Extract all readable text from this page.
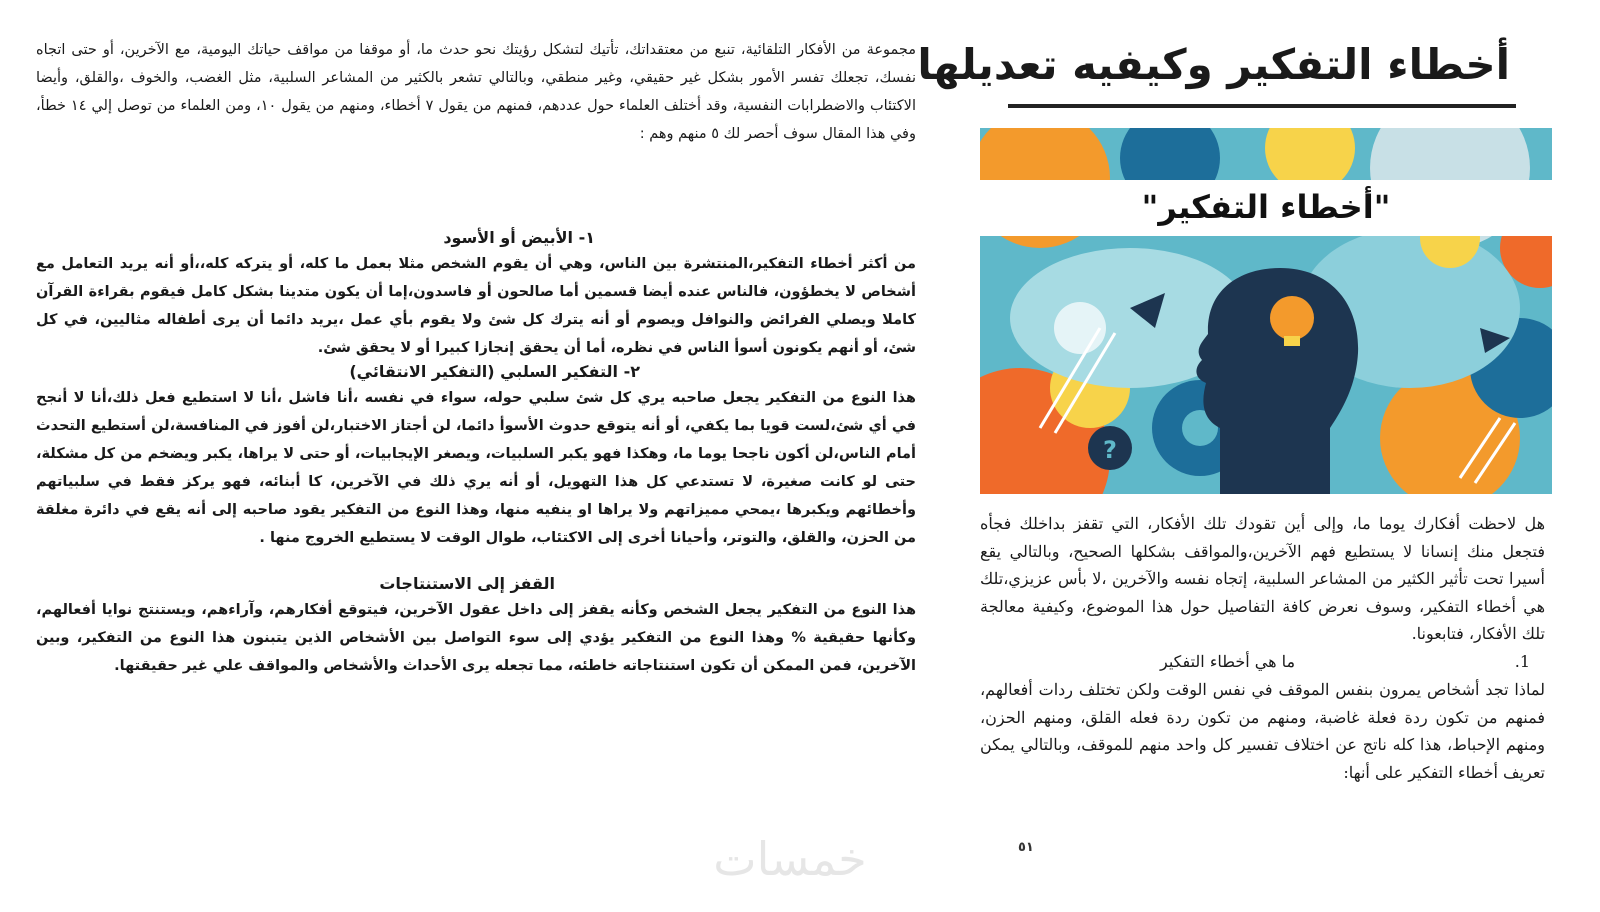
مجموعة من الأفكار التلقائية، تنبع من معتقداتك، تأتيك لتشكل رؤيتك نحو حدث ما، أو موقفا من مواقف حياتك اليومية، مع الآخرين، أو حتى اتجاه نفسك، تجعلك تفسر الأمور بشكل غير حقيقي، وغير منطقي، وبالتالي تشعر بالكثير من المشاعر السلبية، مثل الغضب، والخوف ،والقلق، وأيضا الاكتئاب والاضطرابات النفسية، وقد أختلف العلماء حول عددهم، فمنهم من يقول ٧ أخطاء، ومنهم من يقول ١٠، ومن العلماء من توصل إلي ١٤ خطأ، وفي هذا المقال سوف أحصر لك ٥ منهم وهم :

١- الأبيض أو الأسود

من أكثر أخطاء التفكير،المنتشرة بين الناس، وهي أن يقوم الشخص مثلا بعمل ما كله، أو يتركه كله،،أو أنه يريد التعامل مع أشخاص لا يخطؤون، فالناس عنده أيضا قسمين أما صالحون أو فاسدون،إما أن يكون متدينا بشكل كامل فيقوم بقراءة القرآن كاملا ويصلي الفرائض والنوافل ويصوم أو أنه يترك كل شئ ولا يقوم بأي عمل ،يريد دائما أن يرى أطفاله مثاليين، في كل شئ، أو أنهم يكونون أسوأ الناس في نظره، أما أن يحقق إنجازا كبيرا أو لا يحقق شئ.

٢- التفكير السلبي (التفكير الانتقائي)

هذا النوع من التفكير يجعل صاحبه يري كل شئ سلبي حوله، سواء في نفسه ،أنا فاشل ،أنا لا استطيع فعل ذلك،أنا لا أنجح في أي شئ،لست قويا بما يكفي، أو أنه يتوقع حدوث الأسوأ دائما، لن أجتاز الاختبار،لن أفوز في المنافسة،لن أستطيع التحدث أمام الناس،لن أكون ناجحا يوما ما، وهكذا فهو يكبر السلبيات، ويصغر الإيجابيات، أو حتى لا يراها، يكبر ويضخم من كل مشكلة، حتى لو كانت صغيرة، لا تستدعي كل هذا التهويل، أو أنه يري ذلك في الآخرين، كا أبنائه، فهو يركز فقط في سلبياتهم وأخطائهم ويكبرها ،يمحي مميزاتهم ولا يراها او ينفيه منها، وهذا النوع من التفكير يقود صاحبه إلى أنه يقع في دائرة مغلقة من الحزن، والقلق، والتوتر، وأحيانا أخرى إلى الاكتئاب، طوال الوقت لا يستطيع الخروج منها .

القفز إلى الاستنتاجات

هذا النوع من التفكير يجعل الشخص وكأنه يقفز إلى داخل عقول الآخرين، فيتوقع أفكارهم، وآراءهم، ويستنتج نوايا أفعالهم، وكأنها حقيقية % وهذا النوع من التفكير يؤدي إلى سوء التواصل بين الأشخاص الذين يتبنون هذا النوع من التفكير، وبين الآخرين، فمن الممكن أن تكون استنتاجاته خاطئه، مما تجعله يرى الأحداث والأشخاص والمواقف علي غير حقيقتها.

أخطاء التفكير وكيفيه تعديلها
"أخطاء التفكير"
?

هل لاحظت أفكارك يوما ما، وإلى أين تقودك تلك الأفكار، التي تقفز بداخلك فجأه فتجعل منك إنسانا لا يستطيع فهم الآخرين،والمواقف بشكلها الصحيح، وبالتالي يقع أسيرا تحت تأثير الكثير من المشاعر السلبية، إتجاه نفسه والآخرين ،لا بأس عزيزي،تلك هي أخطاء التفكير، وسوف نعرض كافة التفاصيل حول هذا الموضوع، وكيفية معالجة تلك الأفكار، فتابعونا.

1.
ما هي أخطاء التفكير

لماذا تجد أشخاص يمرون بنفس الموقف في نفس الوقت ولكن تختلف ردات أفعالهم، فمنهم من تكون ردة فعلة غاضبة، ومنهم من تكون ردة فعله القلق، ومنهم الحزن، ومنهم الإحباط، هذا كله ناتج عن اختلاف تفسير كل واحد منهم للموقف، وبالتالي يمكن تعريف أخطاء التفكير على أنها:

٥١
خمسات
